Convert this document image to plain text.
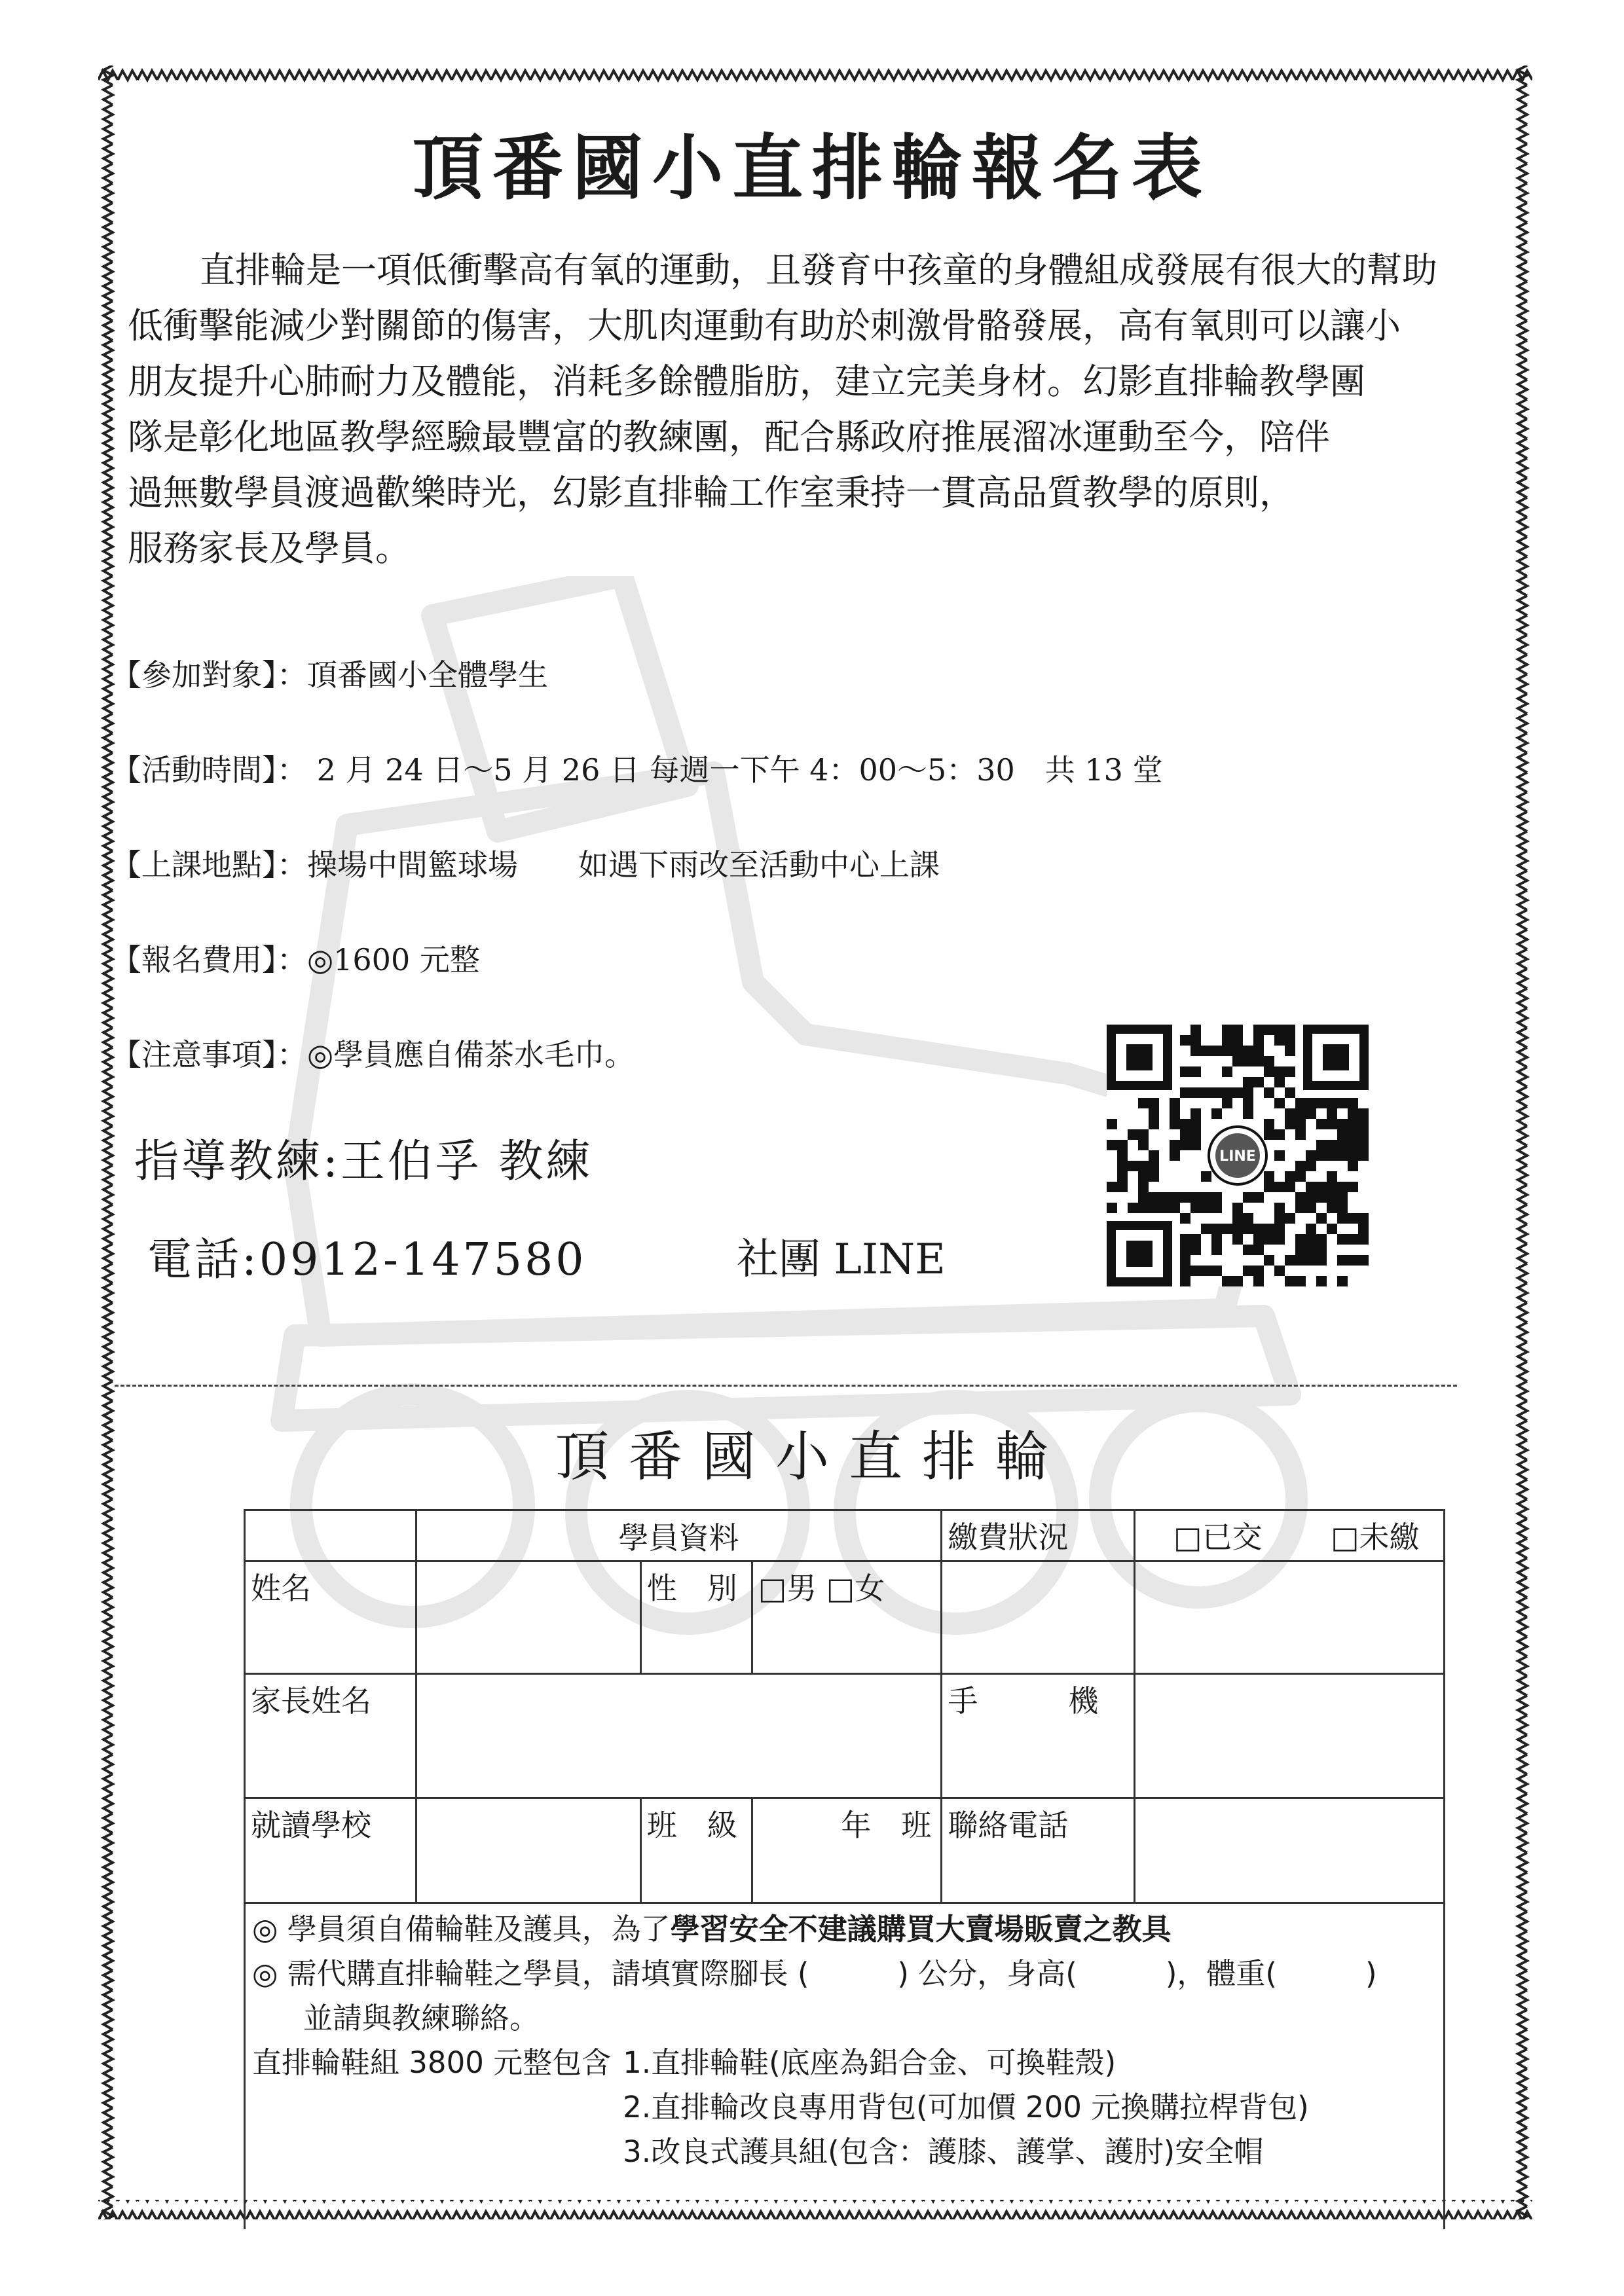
頂番國小直排輪報名表

直排輪是一項低衝擊高有氧的運動，且發育中孩童的身體組成發展有很大的幫助

低衝擊能減少對關節的傷害，大肌肉運動有助於刺激骨骼發展，高有氧則可以讓小

朋友提升心肺耐力及體能，消耗多餘體脂肪，建立完美身材。幻影直排輪教學團

隊是彰化地區教學經驗最豐富的教練團，配合縣政府推展溜冰運動至今，陪伴

過無數學員渡過歡樂時光，幻影直排輪工作室秉持一貫高品質教學的原則，

服務家長及學員。

【參加對象】：頂番國小全體學生
【活動時間】： 2 月 24 日～5 月 26 日 每週一下午 4：00～5：30　共 13 堂
【上課地點】：操場中間籃球場　　如遇下雨改至活動中心上課
【報名費用】：◎1600 元整
【注意事項】：◎學員應自備茶水毛巾。
指導教練:王伯孚 教練
電話:0912-147580	社團 LINE
LINE
頂番國小直排輪
	學員資料			繳費狀況	□已交 □未繳
姓名		性　別	□男 □女		
家長姓名				手　　　機	
就讀學校		班　級	年　班	聯絡電話	

◎ 學員須自備輪鞋及護具，為了學習安全不建議購買大賣場販賣之教具

◎ 需代購直排輪鞋之學員，請填實際腳長 (　　　) 公分，身高(　　　)，體重(　　　)

並請與教練聯絡。

直排輪鞋組 3800 元整包含 1.直排輪鞋(底座為鋁合金、可換鞋殼)

2.直排輪改良專用背包(可加價 200 元換購拉桿背包)

3.改良式護具組(包含：護膝、護掌、護肘)安全帽
